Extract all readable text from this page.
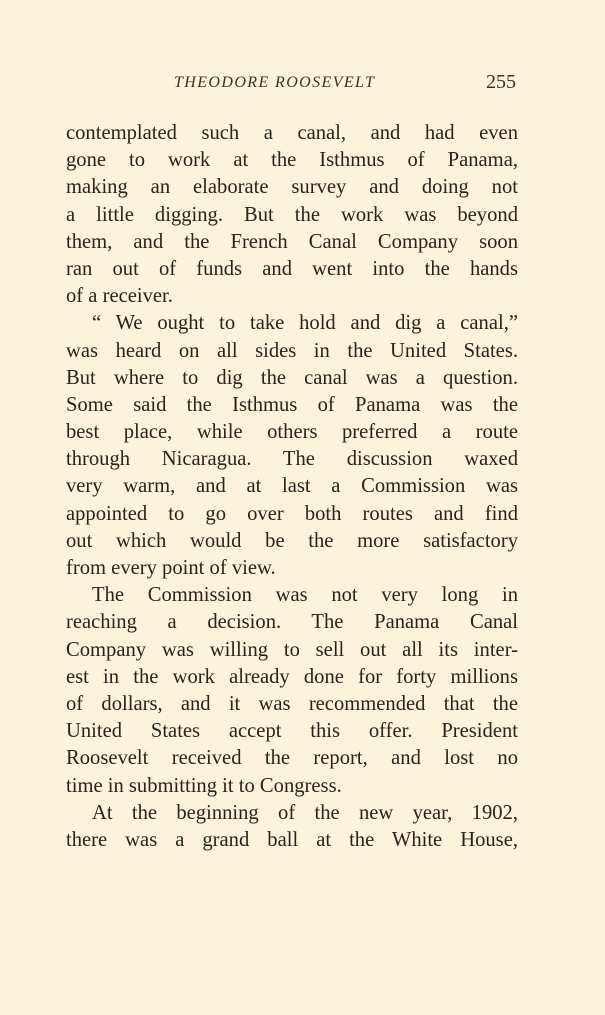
THEODORE ROOSEVELT	255
contemplated such a canal, and had even
gone to work at the Isthmus of Panama,
making an elaborate survey and doing not
a little digging. But the work was beyond
them, and the French Canal Company soon
ran out of funds and went into the hands
of a receiver.
“ We ought to take hold and dig a canal,”
was heard on all sides in the United States.
But where to dig the canal was a question.
Some said the Isthmus of Panama was the
best place, while others preferred a route
through Nicaragua. The discussion waxed
very warm, and at last a Commission was
appointed to go over both routes and find
out which would be the more satisfactory
from every point of view.
The Commission was not very long in
reaching a decision. The Panama Canal
Company was willing to sell out all its inter-
est in the work already done for forty millions
of dollars, and it was recommended that the
United States accept this offer. President
Roosevelt received the report, and lost no
time in submitting it to Congress.
At the beginning of the new year, 1902,
there was a grand ball at the White House,
